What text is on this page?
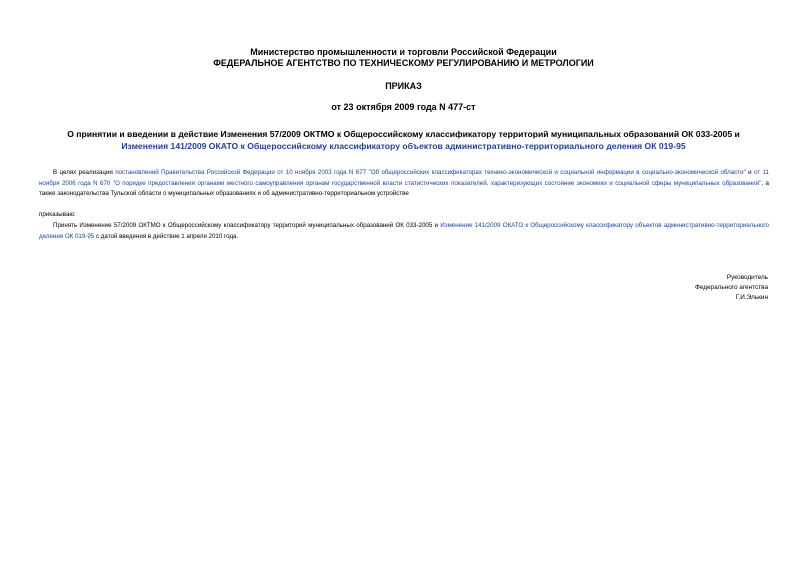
Министерство промышленности и торговли Российской Федерации
ФЕДЕРАЛЬНОЕ АГЕНТСТВО ПО ТЕХНИЧЕСКОМУ РЕГУЛИРОВАНИЮ И МЕТРОЛОГИИ
ПРИКАЗ
от 23 октября 2009 года N 477-ст
О принятии и введении в действие Изменения 57/2009 ОКТМО к Общероссийскому классификатору территорий муниципальных образований ОК 033-2005 и
Изменения 141/2009 ОКАТО к Общероссийскому классификатору объектов административно-территориального деления ОК 019-95
В целях реализации постановлений Правительства Российской Федерации от 10 ноября 2003 года N 677 "Об общероссийских классификаторах технико-экономической и социальной информации в социально-экономической области" и от 11 ноября 2006 года N 670 "О порядке предоставления органами местного самоуправления органам государственной власти статистических показателей, характеризующих состояние экономики и социальной сферы муниципальных образований", а также законодательства Тульской области о муниципальных образованиях и об административно-территориальном устройстве
приказываю:
Принять Изменение 57/2009 ОКТМО к Общероссийскому классификатору территорий муниципальных образований ОК 033-2005 и Изменение 141/2009 ОКАТО к Общероссийскому классификатору объектов административно-территориального деления ОК 019-95 с датой введения в действие 1 апреля 2010 года.
Руководитель
Федерального агентства
Г.И.Элькин
